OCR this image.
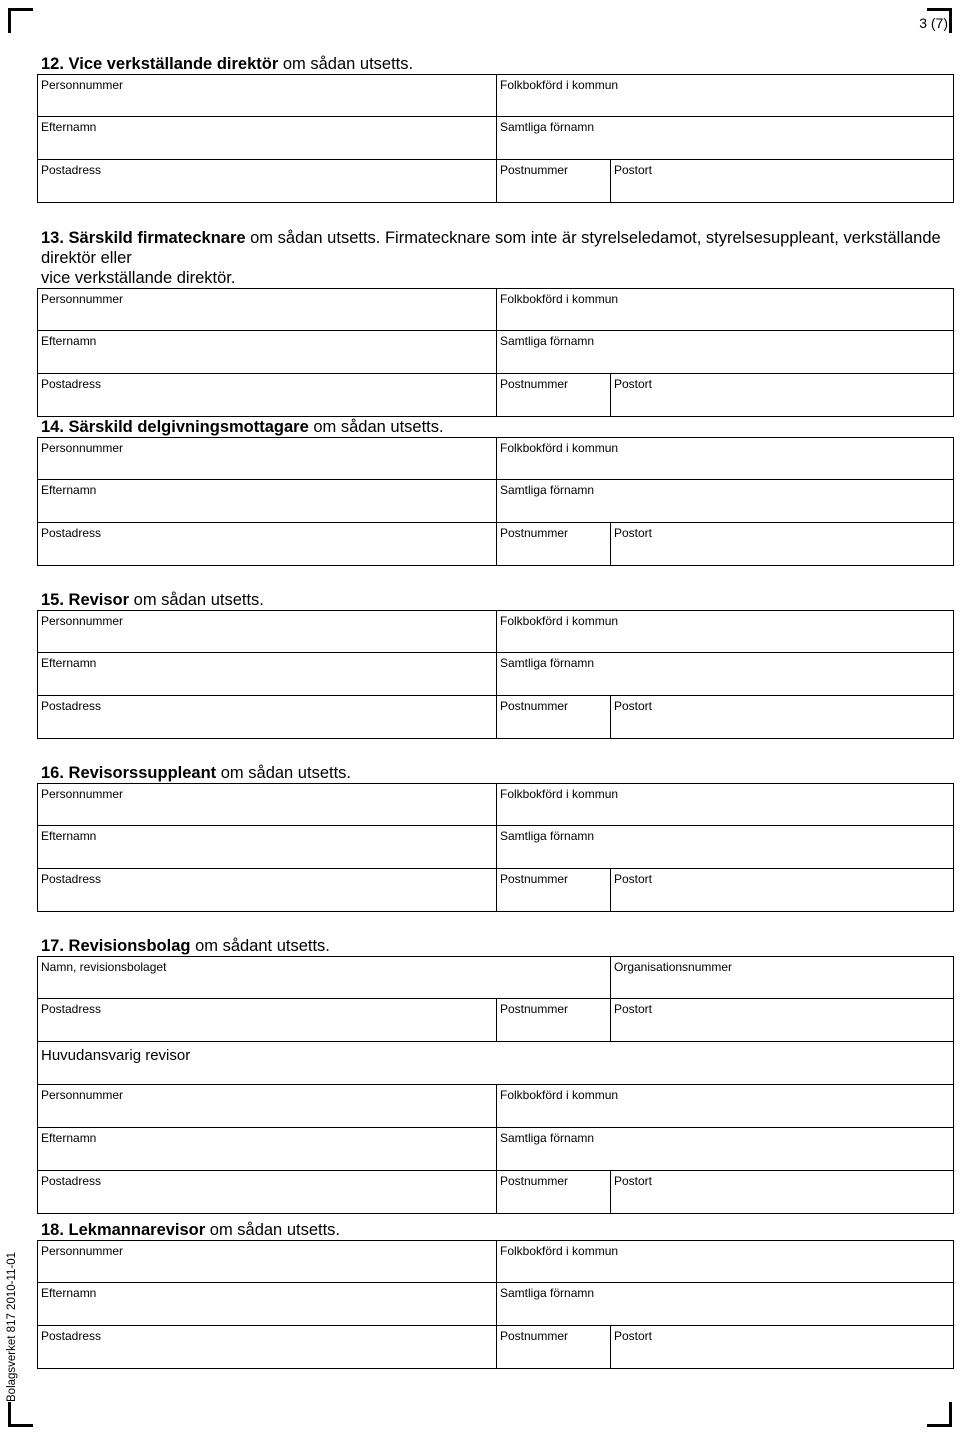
3 (7)
Bolagsverket 817 2010-11-01
12. Vice verkställande direktör om sådan utsetts.
Personnummer	Folkbokförd i kommun
Efternamn	Samtliga förnamn
Postadress	Postnummer	Postort
13. Särskild firmatecknare om sådan utsetts. Firmatecknare som inte är styrelseledamot, styrelsesuppleant, verkställande direktör eller
vice verkställande direktör.
Personnummer	Folkbokförd i kommun
Efternamn	Samtliga förnamn
Postadress	Postnummer	Postort
14. Särskild delgivningsmottagare om sådan utsetts.
Personnummer	Folkbokförd i kommun
Efternamn	Samtliga förnamn
Postadress	Postnummer	Postort
15. Revisor om sådan utsetts.
Personnummer	Folkbokförd i kommun
Efternamn	Samtliga förnamn
Postadress	Postnummer	Postort
16. Revisorssuppleant om sådan utsetts.
Personnummer	Folkbokförd i kommun
Efternamn	Samtliga förnamn
Postadress	Postnummer	Postort
17. Revisionsbolag om sådant utsetts.
Namn, revisionsbolaget	Organisationsnummer
Postadress	Postnummer	Postort
Huvudansvarig revisor
Personnummer	Folkbokförd i kommun
Efternamn	Samtliga förnamn
Postadress	Postnummer	Postort
18. Lekmannarevisor om sådan utsetts.
Personnummer	Folkbokförd i kommun
Efternamn	Samtliga förnamn
Postadress	Postnummer	Postort
